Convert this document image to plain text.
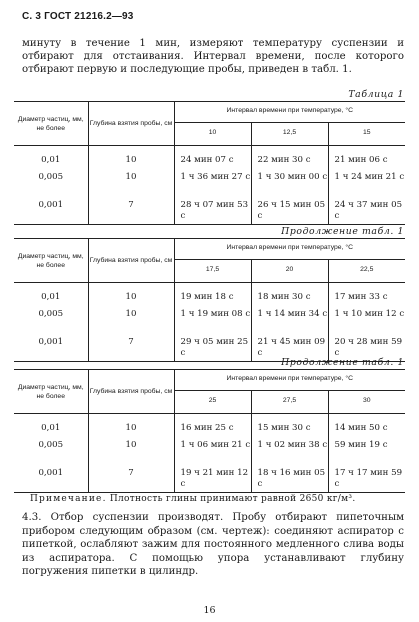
С. 3 ГОСТ 21216.2—93
минуту в течение 1 мин, измеряют температуру суспензии и отбирают для отстаивания. Интервал времени, после которого отбирают первую и последующие пробы, приведен в табл. 1.
Таблица 1
Диаметр частиц, мм, не более	Глубина взятия пробы, см	Интервал времени при температуре, °С		
		10	12,5	15
0,01	10	24 мин 07 с	22 мин 30 с	21 мин 06 с
0,005	10	1 ч 36 мин 27 с	1 ч 30 мин 00 с	1 ч 24 мин 21 с
0,001	7	28 ч 07 мин 53 с	26 ч 15 мин 05 с	24 ч 37 мин 05 с
Продолжение табл. 1
Диаметр частиц, мм, не более	Глубина взятия пробы, см	Интервал времени при температуре, °С		
		17,5	20	22,5
0,01	10	19 мин 18 с	18 мин 30 с	17 мин 33 с
0,005	10	1 ч 19 мин 08 с	1 ч 14 мин 34 с	1 ч 10 мин 12 с
0,001	7	29 ч 05 мин 25 с	21 ч 45 мин 09 с	20 ч 28 мин 59 с
Продолжение табл. 1
Диаметр частиц, мм, не более	Глубина взятия пробы, см	Интервал времени при температуре, °С		
		25	27,5	30
0,01	10	16 мин 25 с	15 мин 30 с	14 мин 50 с
0,005	10	1 ч 06 мин 21 с	1 ч 02 мин 38 с	59 мин 19 с
0,001	7	19 ч 21 мин 12 с	18 ч 16 мин 05 с	17 ч 17 мин 59 с
Примечание. Плотность глины принимают равной 2650 кг/м³.
4.3. Отбор суспензии производят. Пробу отбирают пипеточным прибором следующим образом (см. чертеж): соединяют аспиратор с пипеткой, ослабляют зажим для постоянного медленного слива воды из аспиратора. С помощью упора устанавливают глубину погружения пипетки в цилиндр.
16
